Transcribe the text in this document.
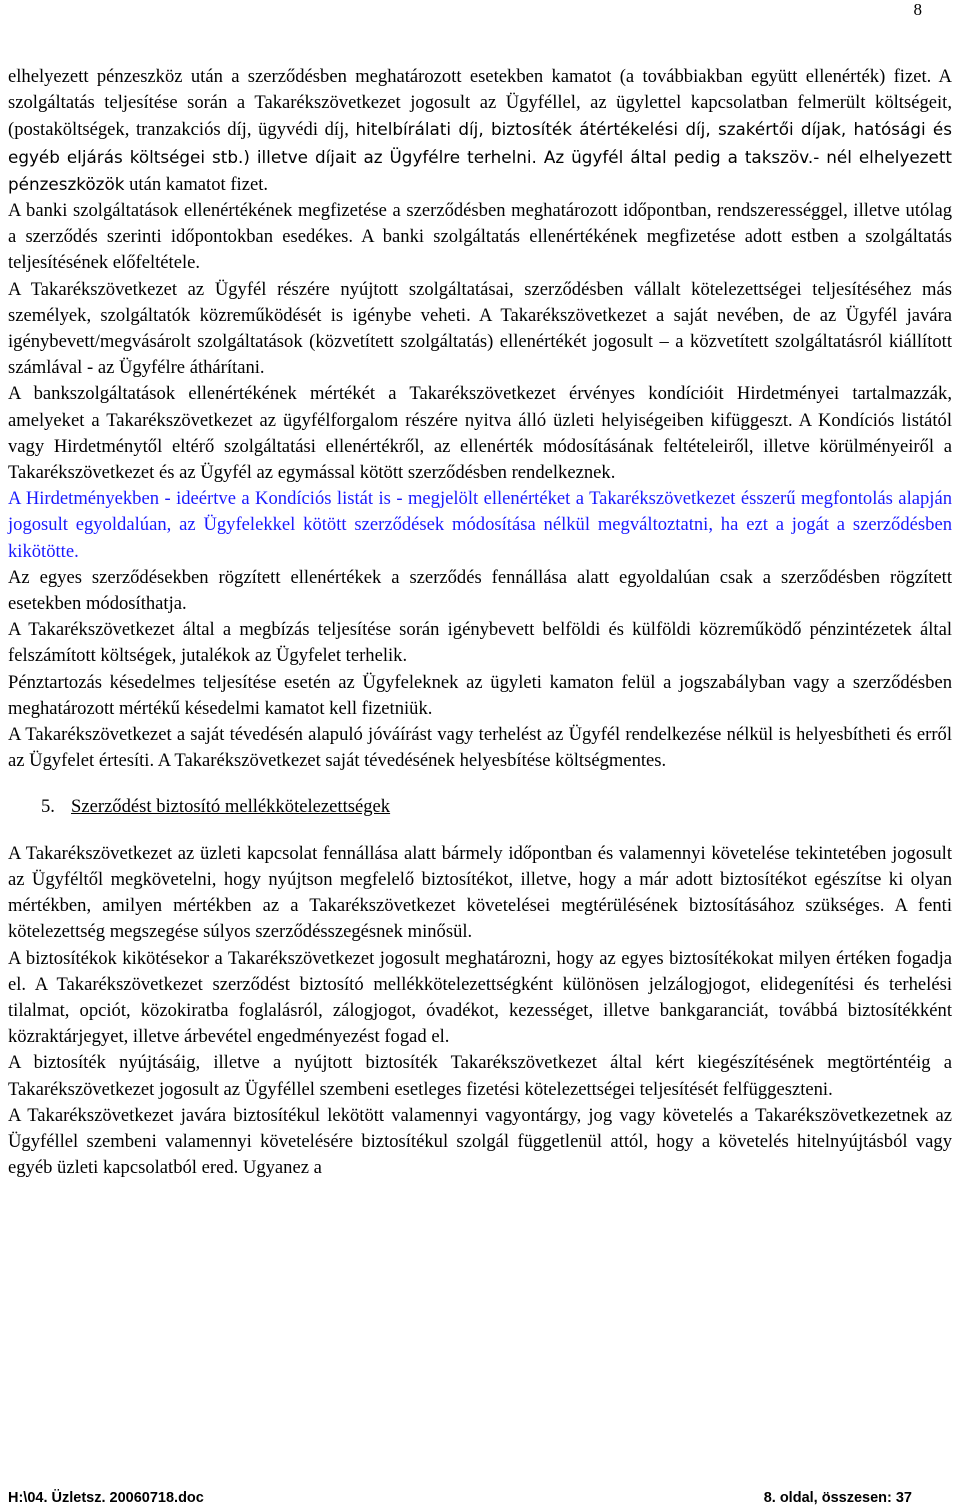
8

elhelyezett pénzeszköz után a szerződésben meghatározott esetekben kamatot (a továbbiakban együtt ellenérték) fizet. A szolgáltatás teljesítése során a Takarékszövetkezet jogosult az Ügyféllel, az ügylettel kapcsolatban felmerült költségeit, (postaköltségek, tranzakciós díj, ügyvédi díj, hitelbírálati díj, biztosíték átértékelési díj, szakértői díjak, hatósági és egyéb eljárás költségei stb.) illetve díjait az Ügyfélre terhelni. Az ügyfél által pedig a takszöv.- nél elhelyezett pénzeszközök után kamatot fizet.

A banki szolgáltatások ellenértékének megfizetése a szerződésben meghatározott időpontban, rendszerességgel, illetve utólag a szerződés szerinti időpontokban esedékes. A banki szolgáltatás ellenértékének megfizetése adott estben a szolgáltatás teljesítésének előfeltétele.

A Takarékszövetkezet az Ügyfél részére nyújtott szolgáltatásai, szerződésben vállalt kötelezettségei teljesítéséhez más személyek, szolgáltatók közreműködését is igénybe veheti. A Takarékszövetkezet a saját nevében, de az Ügyfél javára igénybevett/megvásárolt szolgáltatások (közvetített szolgáltatás) ellenértékét jogosult – a közvetített szolgáltatásról kiállított számlával - az Ügyfélre áthárítani.

A bankszolgáltatások ellenértékének mértékét a Takarékszövetkezet érvényes kondícióit Hirdetményei tartalmazzák, amelyeket a Takarékszövetkezet az ügyfélforgalom részére nyitva álló üzleti helyiségeiben kifüggeszt. A Kondíciós listától vagy Hirdetménytől eltérő szolgáltatási ellenértékről, az ellenérték módosításának feltételeiről, illetve körülményeiről a Takarékszövetkezet és az Ügyfél az egymással kötött szerződésben rendelkeznek.

A Hirdetményekben - ideértve a Kondíciós listát is - megjelölt ellenértéket a Takarékszövetkezet ésszerű megfontolás alapján jogosult egyoldalúan, az Ügyfelekkel kötött szerződések módosítása nélkül megváltoztatni, ha ezt a jogát a szerződésben kikötötte.

Az egyes szerződésekben rögzített ellenértékek a szerződés fennállása alatt egyoldalúan csak a szerződésben rögzített esetekben módosíthatja.

A Takarékszövetkezet által a megbízás teljesítése során igénybevett belföldi és külföldi közreműködő pénzintézetek által felszámított költségek, jutalékok az Ügyfelet terhelik.

Pénztartozás késedelmes teljesítése esetén az Ügyfeleknek az ügyleti kamaton felül a jogszabályban vagy a szerződésben meghatározott mértékű késedelmi kamatot kell fizetniük.

A Takarékszövetkezet a saját tévedésén alapuló jóváírást vagy terhelést az Ügyfél rendelkezése nélkül is helyesbítheti és erről az Ügyfelet értesíti. A Takarékszövetkezet saját tévedésének helyesbítése költségmentes.

5. Szerződést biztosító mellékkötelezettségek

A Takarékszövetkezet az üzleti kapcsolat fennállása alatt bármely időpontban és valamennyi követelése tekintetében jogosult az Ügyféltől megkövetelni, hogy nyújtson megfelelő biztosítékot, illetve, hogy a már adott biztosítékot egészítse ki olyan mértékben, amilyen mértékben az a Takarékszövetkezet követelései megtérülésének biztosításához szükséges. A fenti kötelezettség megszegése súlyos szerződésszegésnek minősül.

A biztosítékok kikötésekor a Takarékszövetkezet jogosult meghatározni, hogy az egyes biztosítékokat milyen értéken fogadja el. A Takarékszövetkezet szerződést biztosító mellékkötelezettségként különösen jelzálogjogot, elidegenítési és terhelési tilalmat, opciót, közokiratba foglalásról, zálogjogot, óvadékot, kezességet, illetve bankgaranciát, továbbá biztosítékként közraktárjegyet, illetve árbevétel engedményezést fogad el.

A biztosíték nyújtásáig, illetve a nyújtott biztosíték Takarékszövetkezet által kért kiegészítésének megtörténtéig a Takarékszövetkezet jogosult az Ügyféllel szembeni esetleges fizetési kötelezettségei teljesítését felfüggeszteni.

A Takarékszövetkezet javára biztosítékul lekötött valamennyi vagyontárgy, jog vagy követelés a Takarékszövetkezetnek az Ügyféllel szembeni valamennyi követelésére biztosítékul szolgál függetlenül attól, hogy a követelés hitelnyújtásból vagy egyéb üzleti kapcsolatból ered. Ugyanez a

H:\04. Üzletsz. 20060718.doc	8. oldal, összesen: 37
